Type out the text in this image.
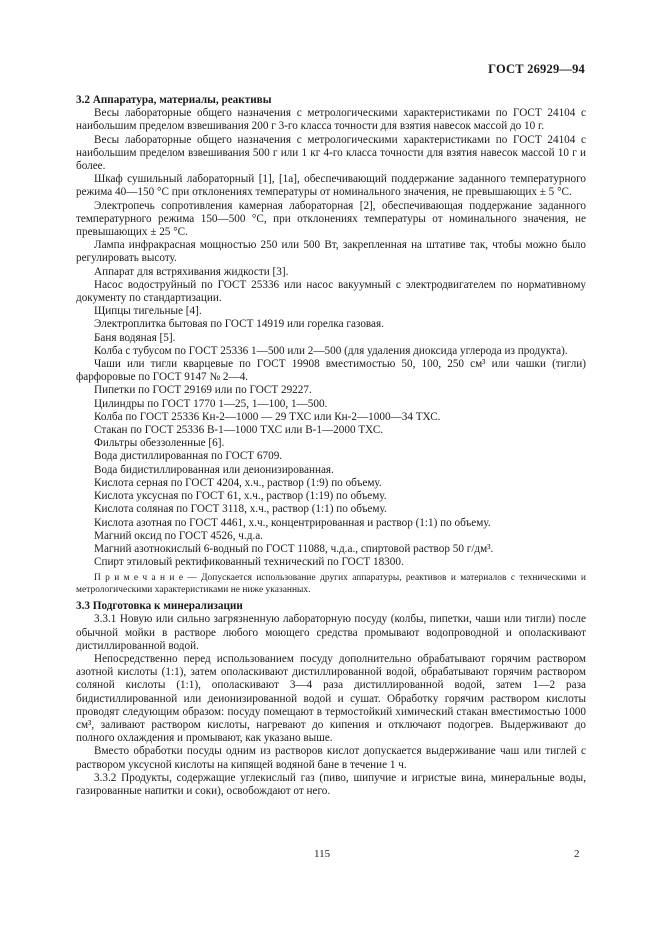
ГОСТ 26929—94

3.2 Аппаратура, материалы, реактивы

Весы лабораторные общего назначения с метрологическими характеристиками по ГОСТ 24104 с наибольшим пределом взвешивания 200 г 3-го класса точности для взятия навесок массой до 10 г.

Весы лабораторные общего назначения с метрологическими характеристиками по ГОСТ 24104 с наибольшим пределом взвешивания 500 г или 1 кг 4-го класса точности для взятия навесок массой 10 г и более.

Шкаф сушильный лабораторный [1], [1а], обеспечивающий поддержание заданного температурного режима 40—150 °С при отклонениях температуры от номинального значения, не превышающих ± 5 °С.

Электропечь сопротивления камерная лабораторная [2], обеспечивающая поддержание заданного температурного режима 150—500 °С, при отклонениях температуры от номинального значения, не превышающих ± 25 °С.

Лампа инфракрасная мощностью 250 или 500 Вт, закрепленная на штативе так, чтобы можно было регулировать высоту.

Аппарат для встряхивания жидкости [3].

Насос водоструйный по ГОСТ 25336 или насос вакуумный с электродвигателем по нормативному документу по стандартизации.

Щипцы тигельные [4].

Электроплитка бытовая по ГОСТ 14919 или горелка газовая.

Баня водяная [5].

Колба с тубусом по ГОСТ 25336 1—500 или 2—500 (для удаления диоксида углерода из продукта).

Чаши или тигли кварцевые по ГОСТ 19908 вместимостью 50, 100, 250 см³ или чашки (тигли) фарфоровые по ГОСТ 9147 № 2—4.

Пипетки по ГОСТ 29169 или по ГОСТ 29227.

Цилиндры по ГОСТ 1770 1—25, 1—100, 1—500.

Колба по ГОСТ 25336 Кн-2—1000 — 29 ТХС или Кн-2—1000—34 ТХС.

Стакан по ГОСТ 25336 В-1—1000 ТХС или В-1—2000 ТХС.

Фильтры обеззоленные [6].

Вода дистиллированная по ГОСТ 6709.

Вода бидистиллированная или деионизированная.

Кислота серная по ГОСТ 4204, х.ч., раствор (1:9) по объему.

Кислота уксусная по ГОСТ 61, х.ч., раствор (1:19) по объему.

Кислота соляная по ГОСТ 3118, х.ч., раствор (1:1) по объему.

Кислота азотная по ГОСТ 4461, х.ч., концентрированная и раствор (1:1) по объему.

Магний оксид по ГОСТ 4526, ч.д.а.

Магний азотнокислый 6-водный по ГОСТ 11088, ч.д.а., спиртовой раствор 50 г/дм³.

Спирт этиловый ректификованный технический по ГОСТ 18300.

П р и м е ч а н и е — Допускается использование других аппаратуры, реактивов и материалов с техническими и метрологическими характеристиками не ниже указанных.

3.3 Подготовка к минерализации

3.3.1 Новую или сильно загрязненную лабораторную посуду (колбы, пипетки, чаши или тигли) после обычной мойки в растворе любого моющего средства промывают водопроводной и ополаскивают дистиллированной водой.

Непосредственно перед использованием посуду дополнительно обрабатывают горячим раствором азотной кислоты (1:1), затем ополаскивают дистиллированной водой, обрабатывают горячим раствором соляной кислоты (1:1), ополаскивают 3—4 раза дистиллированной водой, затем 1—2 раза бидистиллированной или деионизированной водой и сушат. Обработку горячим раствором кислоты проводят следующим образом: посуду помещают в термостойкий химический стакан вместимостью 1000 см³, заливают раствором кислоты, нагревают до кипения и отключают подогрев. Выдерживают до полного охлаждения и промывают, как указано выше.

Вместо обработки посуды одним из растворов кислот допускается выдерживание чаш или тиглей с раствором уксусной кислоты на кипящей водяной бане в течение 1 ч.

3.3.2 Продукты, содержащие углекислый газ (пиво, шипучие и игристые вина, минеральные воды, газированные напитки и соки), освобождают от него.

115	2
